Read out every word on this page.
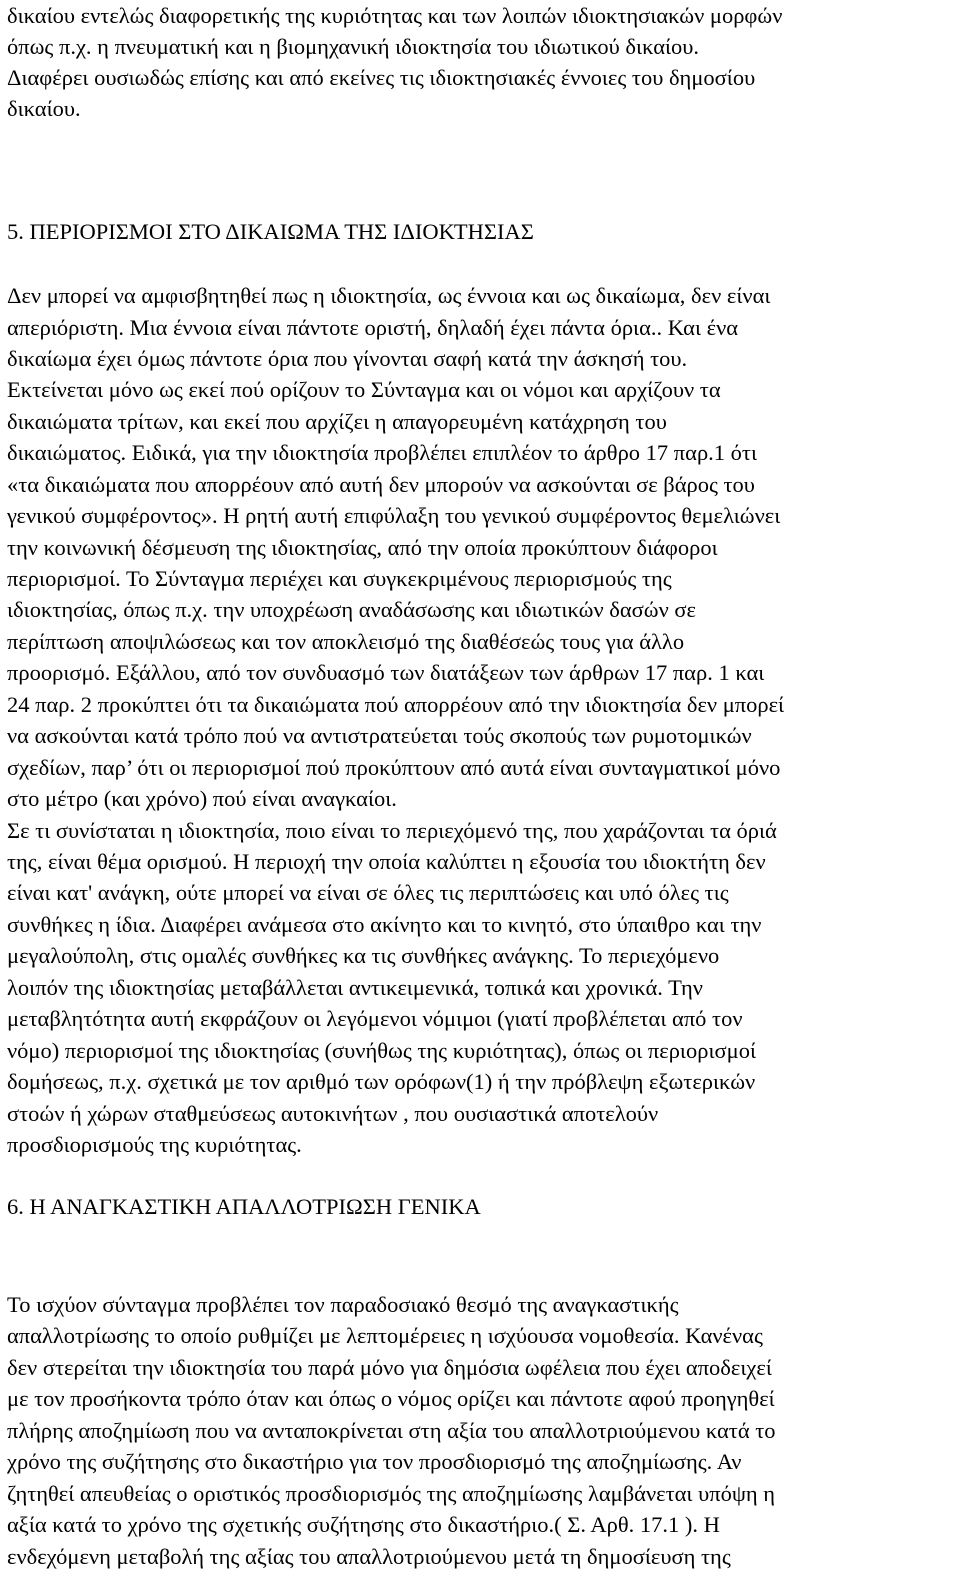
δικαίου εντελώς διαφορετικής της κυριότητας και των λοιπών ιδιοκτησιακών μορφών
όπως π.χ. η πνευματική και η βιομηχανική ιδιοκτησία του ιδιωτικού δικαίου.
Διαφέρει ουσιωδώς επίσης και από εκείνες τις ιδιοκτησιακές έννοιες του δημοσίου
δικαίου.
5. ΠΕΡΙΟΡΙΣΜΟΙ ΣΤΟ ΔΙΚΑΙΩΜΑ ΤΗΣ ΙΔΙΟΚΤΗΣΙΑΣ
Δεν μπορεί να αμφισβητηθεί πως η ιδιοκτησία, ως έννοια και ως δικαίωμα, δεν είναι
απεριόριστη. Μια έννοια είναι πάντοτε οριστή, δηλαδή έχει πάντα όρια.. Και ένα
δικαίωμα έχει όμως πάντοτε όρια που γίνονται σαφή κατά την άσκησή του.
Εκτείνεται μόνο ως εκεί πού ορίζουν το Σύνταγμα και οι νόμοι και αρχίζουν τα
δικαιώματα τρίτων, και εκεί που αρχίζει η απαγορευμένη κατάχρηση του
δικαιώματος. Ειδικά, για την ιδιοκτησία προβλέπει επιπλέον το άρθρο 17 παρ.1 ότι
«τα δικαιώματα που απορρέουν από αυτή δεν μπορούν να ασκούνται σε βάρος του
γενικού συμφέροντος». Η ρητή αυτή επιφύλαξη του γενικού συμφέροντος θεμελιώνει
την κοινωνική δέσμευση της ιδιοκτησίας, από την οποία προκύπτουν διάφοροι
περιορισμοί. Το Σύνταγμα περιέχει και συγκεκριμένους περιορισμούς της
ιδιοκτησίας, όπως π.χ. την υποχρέωση αναδάσωσης και ιδιωτικών δασών σε
περίπτωση αποψιλώσεως και τον αποκλεισμό της διαθέσεώς τους για άλλο
προορισμό. Εξάλλου, από τον συνδυασμό των διατάξεων των άρθρων 17 παρ. 1 και
24 παρ. 2 προκύπτει ότι τα δικαιώματα πού απορρέουν από την ιδιοκτησία δεν μπορεί
να ασκούνται κατά τρόπο πού να αντιστρατεύεται τούς σκοπούς των ρυμοτομικών
σχεδίων, παρ’ ότι οι περιορισμοί πού προκύπτουν από αυτά είναι συνταγματικοί μόνο
στο μέτρο (και χρόνο) πού είναι αναγκαίοι.
Σε τι συνίσταται η ιδιοκτησία, ποιο είναι το περιεχόμενό της, που χαράζονται τα όριά
της, είναι θέμα ορισμού. Η περιοχή την οποία καλύπτει η εξουσία του ιδιοκτήτη δεν
είναι κατ' ανάγκη, ούτε μπορεί να είναι σε όλες τις περιπτώσεις και υπό όλες τις
συνθήκες η ίδια. Διαφέρει ανάμεσα στο ακίνητο και το κινητό, στο ύπαιθρο και την
μεγαλούπολη, στις ομαλές συνθήκες κα τις συνθήκες ανάγκης. Το περιεχόμενο
λοιπόν της ιδιοκτησίας μεταβάλλεται αντικειμενικά, τοπικά και χρονικά. Την
μεταβλητότητα αυτή εκφράζουν οι λεγόμενοι νόμιμοι (γιατί προβλέπεται από τον
νόμο) περιορισμοί της ιδιοκτησίας (συνήθως της κυριότητας), όπως οι περιορισμοί
δομήσεως, π.χ. σχετικά με τον αριθμό των ορόφων(1) ή την πρόβλεψη εξωτερικών
στοών ή χώρων σταθμεύσεως αυτοκινήτων , που ουσιαστικά αποτελούν
προσδιορισμούς της κυριότητας.
6. Η ΑΝΑΓΚΑΣΤΙΚΗ ΑΠΑΛΛΟΤΡΙΩΣΗ ΓΕΝΙΚΑ
Το ισχύον σύνταγμα προβλέπει τον παραδοσιακό θεσμό της αναγκαστικής
απαλλοτρίωσης το οποίο ρυθμίζει με λεπτομέρειες η ισχύουσα νομοθεσία. Κανένας
δεν στερείται την ιδιοκτησία του παρά μόνο για δημόσια ωφέλεια που έχει αποδειχεί
με τον προσήκοντα τρόπο όταν και όπως ο νόμος ορίζει και πάντοτε αφού προηγηθεί
πλήρης αποζημίωση που να ανταποκρίνεται στη αξία του απαλλοτριούμενου κατά το
χρόνο της συζήτησης στο δικαστήριο για τον προσδιορισμό της αποζημίωσης. Αν
ζητηθεί απευθείας ο οριστικός προσδιορισμός της αποζημίωσης λαμβάνεται υπόψη η
αξία κατά το χρόνο της σχετικής συζήτησης στο δικαστήριο.( Σ. Αρθ. 17.1 ). Η
ενδεχόμενη μεταβολή της αξίας του απαλλοτριούμενου μετά τη δημοσίευση της
